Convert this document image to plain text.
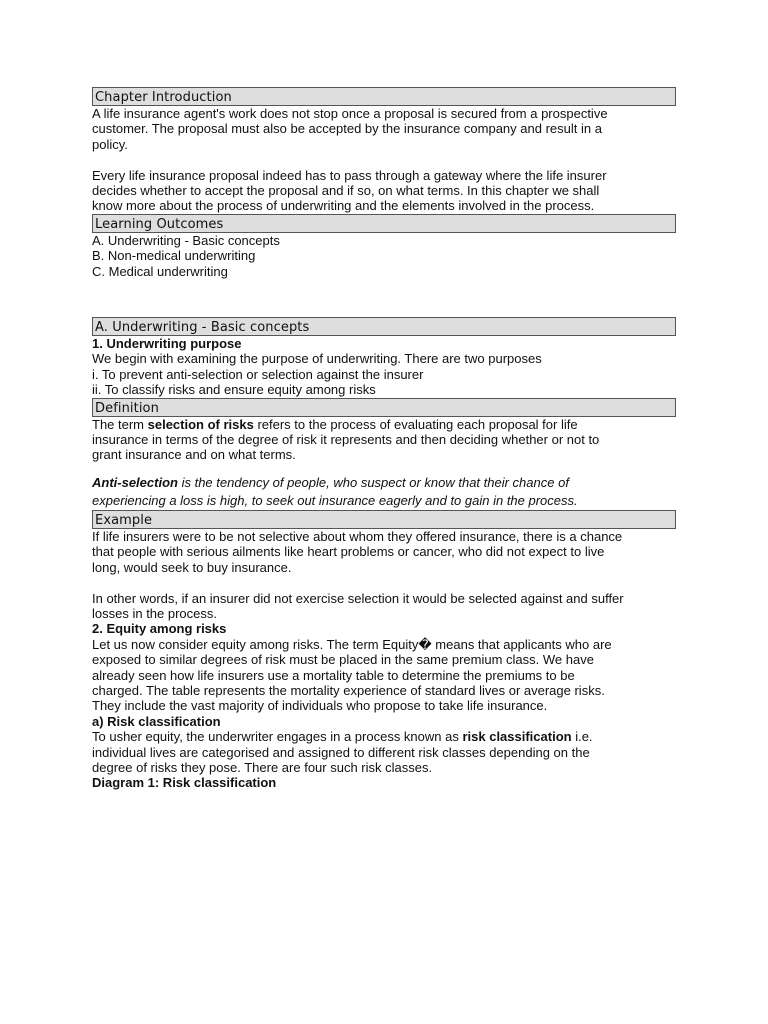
Chapter Introduction

A life insurance agent's work does not stop once a proposal is secured from a prospective

customer. The proposal must also be accepted by the insurance company and result in a

policy.

Every life insurance proposal indeed has to pass through a gateway where the life insurer

decides whether to accept the proposal and if so, on what terms. In this chapter we shall

know more about the process of underwriting and the elements involved in the process.

Learning Outcomes

A. Underwriting - Basic concepts

B. Non-medical underwriting

C. Medical underwriting

A. Underwriting - Basic concepts

1. Underwriting purpose

We begin with examining the purpose of underwriting. There are two purposes

i. To prevent anti-selection or selection against the insurer

ii. To classify risks and ensure equity among risks

Definition

The term selection of risks refers to the process of evaluating each proposal for life

insurance in terms of the degree of risk it represents and then deciding whether or not to

grant insurance and on what terms.

Anti-selection is the tendency of people, who suspect or know that their chance of

experiencing a loss is high, to seek out insurance eagerly and to gain in the process.

Example

If life insurers were to be not selective about whom they offered insurance, there is a chance

that people with serious ailments like heart problems or cancer, who did not expect to live

long, would seek to buy insurance.

In other words, if an insurer did not exercise selection it would be selected against and suffer

losses in the process.

2. Equity among risks

Let us now consider equity among risks. The term Equity� means that applicants who are

exposed to similar degrees of risk must be placed in the same premium class. We have

already seen how life insurers use a mortality table to determine the premiums to be

charged. The table represents the mortality experience of standard lives or average risks.

They include the vast majority of individuals who propose to take life insurance.

a) Risk classification

To usher equity, the underwriter engages in a process known as risk classification i.e.

individual lives are categorised and assigned to different risk classes depending on the

degree of risks they pose. There are four such risk classes.

Diagram 1: Risk classification
